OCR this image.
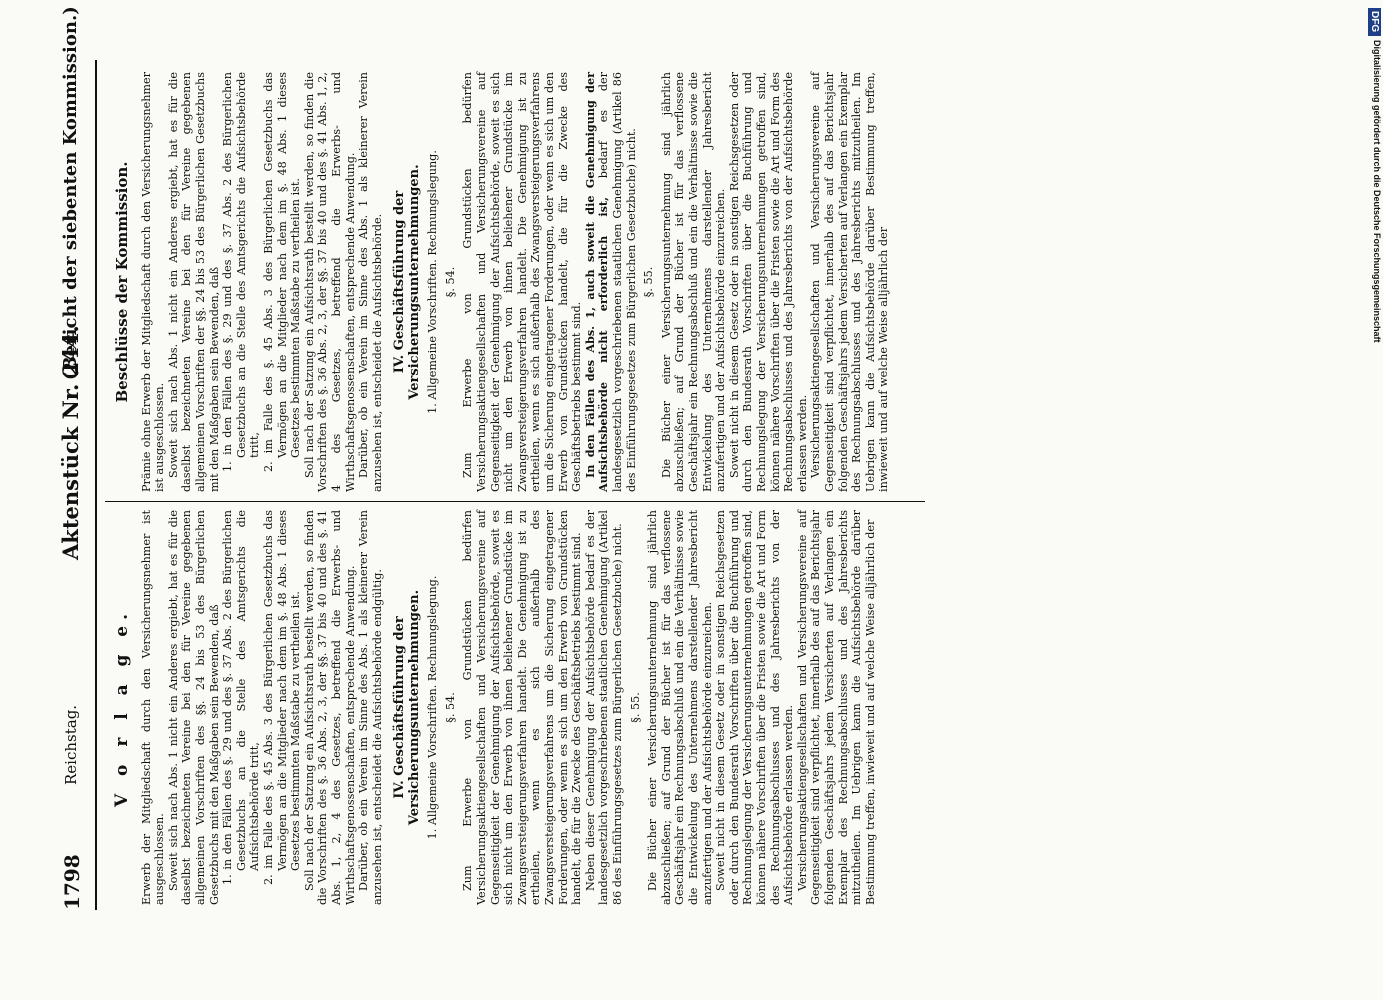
1798
Reichstag.
Aktenstück Nr. 244.
(Bericht der siebenten Kommission.)
V o r l a g e. Erwerb der Mitgliedschaft durch den Versicherungsnehmer ist ausgeschlossen. Soweit sich nach Abs. 1 nicht ein Anderes ergiebt, hat es für die daselbst bezeichneten Vereine bei den für Vereine gegebenen allgemeinen Vorschriften des §§. 24 bis 53 des Bürgerlichen Gesetzbuchs mit den Maßgaben sein Bewenden, daß 1. in den Fällen des §. 29 und des §. 37 Abs. 2 des Bürgerlichen Gesetzbuchs an die Stelle des Amtsgerichts die Aufsichtsbehörde tritt, 2. im Falle des §. 45 Abs. 3 des Bürgerlichen Gesetzbuchs das Vermögen an die Mitglieder nach dem im §. 48 Abs. 1 dieses Gesetzes bestimmten Maßstabe zu vertheilen ist. Soll nach der Satzung ein Aufsichtsrath bestellt werden, so finden die Vorschriften des §. 36 Abs. 2, 3, der §§. 37 bis 40 und des §. 41 Abs. 1, 2, 4 des Gesetzes, betreffend die Erwerbs- und Wirthschaftsgenossenschaften, entsprechende Anwendung. Darüber, ob ein Verein im Sinne des Abs. 1 als kleinerer Verein anzusehen ist, entscheidet die Aufsichtsbehörde endgültig. IV. Geschäftsführung der Versicherungsunternehmungen. 1. Allgemeine Vorschriften. Rechnungslegung. §. 54. Zum Erwerbe von Grundstücken bedürfen Versicherungsaktiengesellschaften und Versicherungsvereine auf Gegenseitigkeit der Genehmigung der Aufsichtsbehörde, soweit es sich nicht um den Erwerb von ihnen beliehener Grundstücke im Zwangsversteigerungsverfahren handelt. Die Genehmigung ist zu ertheilen, wenn es sich außerhalb des Zwangsversteigerungsverfahrens um die Sicherung eingetragener Forderungen, oder wenn es sich um den Erwerb von Grundstücken handelt, die für die Zwecke des Geschäftsbetriebs bestimmt sind. Neben dieser Genehmigung der Aufsichtsbehörde bedarf es der landesgesetzlich vorgeschriebenen staatlichen Genehmigung (Artikel 86 des Einführungsgesetzes zum Bürgerlichen Gesetzbuche) nicht. §. 55. Die Bücher einer Versicherungsunternehmung sind jährlich abzuschließen; auf Grund der Bücher ist für das verflossene Geschäftsjahr ein Rechnungsabschluß und ein die Verhältnisse sowie die Entwickelung des Unternehmens darstellender Jahresbericht anzufertigen und der Aufsichtsbehörde einzureichen. Soweit nicht in diesem Gesetz oder in sonstigen Reichsgesetzen oder durch den Bundesrath Vorschriften über die Buchführung und Rechnungslegung der Versicherungsunternehmungen getroffen sind, können nähere Vorschriften über die Fristen sowie die Art und Form des Rechnungsabschlusses und des Jahresberichts von der Aufsichtsbehörde erlassen werden. Versicherungsaktiengesellschaften und Versicherungsvereine auf Gegenseitigkeit sind verpflichtet, innerhalb des auf das Berichtsjahr folgenden Geschäftsjahrs jedem Versicherten auf Verlangen ein Exemplar des Rechnungsabschlusses und des Jahresberichts mitzutheilen. Im Uebrigen kann die Aufsichtsbehörde darüber Bestimmung treffen, inwieweit und auf welche Weise alljährlich der

Beschlüsse der Kommission. Prämie ohne Erwerb der Mitgliedschaft durch den Versicherungsnehmer ist ausgeschlossen. Soweit sich nach Abs. 1 nicht ein Anderes ergiebt, hat es für die daselbst bezeichneten Vereine bei den für Vereine gegebenen allgemeinen Vorschriften der §§. 24 bis 53 des Bürgerlichen Gesetzbuchs mit den Maßgaben sein Bewenden, daß 1. in den Fällen des §. 29 und des §. 37 Abs. 2 des Bürgerlichen Gesetzbuchs an die Stelle des Amtsgerichts die Aufsichtsbehörde tritt, 2. im Falle des §. 45 Abs. 3 des Bürgerlichen Gesetzbuchs das Vermögen an die Mitglieder nach dem im §. 48 Abs. 1 dieses Gesetzes bestimmten Maßstabe zu vertheilen ist. Soll nach der Satzung ein Aufsichtsrath bestellt werden, so finden die Vorschriften des §. 36 Abs. 2, 3, der §§. 37 bis 40 und des §. 41 Abs. 1, 2, 4 des Gesetzes, betreffend die Erwerbs- und Wirthschaftsgenossenschaften, entsprechende Anwendung. Darüber, ob ein Verein im Sinne des Abs. 1 als kleinerer Verein anzusehen ist, entscheidet die Aufsichtsbehörde. IV. Geschäftsführung der Versicherungsunternehmungen. 1. Allgemeine Vorschriften. Rechnungslegung. §. 54. Zum Erwerbe von Grundstücken bedürfen Versicherungsaktiengesellschaften und Versicherungsvereine auf Gegenseitigkeit der Genehmigung der Aufsichtsbehörde, soweit es sich nicht um den Erwerb von ihnen beliehener Grundstücke im Zwangsversteigerungsverfahren handelt. Die Genehmigung ist zu ertheilen, wenn es sich außerhalb des Zwangsversteigerungsverfahrens um die Sicherung eingetragener Forderungen, oder wenn es sich um den Erwerb von Grundstücken handelt, die für die Zwecke des Geschäftsbetriebs bestimmt sind. In den Fällen des Abs. 1, auch soweit die Genehmigung der Aufsichtsbehörde nicht erforderlich ist, bedarf es der landesgesetzlich vorgeschriebenen staatlichen Genehmigung (Artikel 86 des Einführungsgesetzes zum Bürgerlichen Gesetzbuche) nicht. §. 55. Die Bücher einer Versicherungsunternehmung sind jährlich abzuschließen; auf Grund der Bücher ist für das verflossene Geschäftsjahr ein Rechnungsabschluß und ein die Verhältnisse sowie die Entwickelung des Unternehmens darstellender Jahresbericht anzufertigen und der Aufsichtsbehörde einzureichen. Soweit nicht in diesem Gesetz oder in sonstigen Reichsgesetzen oder durch den Bundesrath Vorschriften über die Buchführung und Rechnungslegung der Versicherungsunternehmungen getroffen sind, können nähere Vorschriften über die Fristen sowie die Art und Form des Rechnungsabschlusses und des Jahresberichts von der Aufsichtsbehörde erlassen werden. Versicherungsaktiengesellschaften und Versicherungsvereine auf Gegenseitigkeit sind verpflichtet, innerhalb des auf das Berichtsjahr folgenden Geschäftsjahrs jedem Versicherten auf Verlangen ein Exemplar des Rechnungsabschlusses und des Jahresberichts mitzutheilen. Im Uebrigen kann die Aufsichtsbehörde darüber Bestimmung treffen, inwieweit und auf welche Weise alljährlich der

DFG
Digitalisierung gefördert durch die Deutsche Forschungsgemeinschaft
